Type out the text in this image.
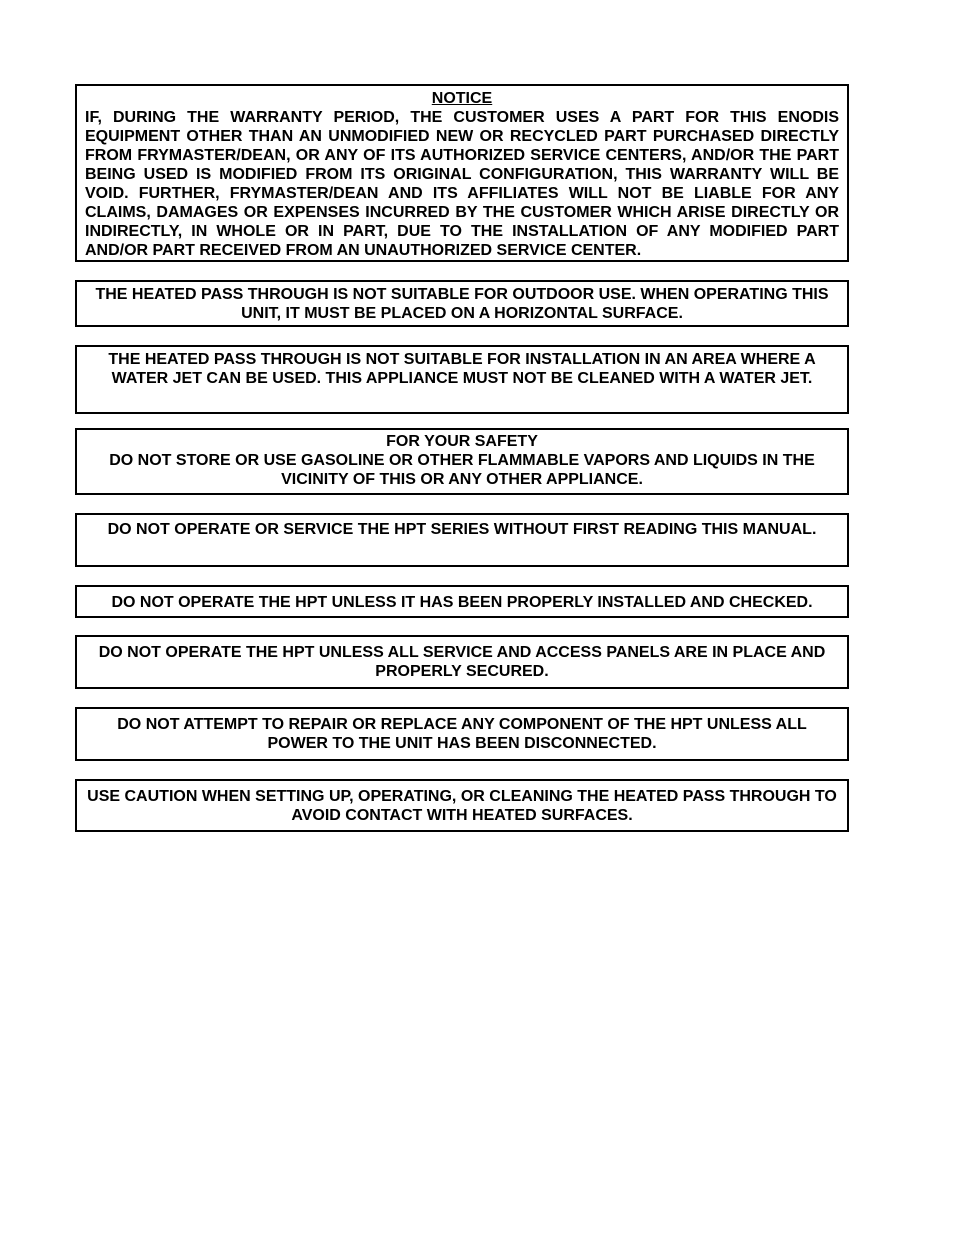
NOTICE
IF, DURING THE WARRANTY PERIOD, THE CUSTOMER USES A PART FOR THIS ENODIS EQUIPMENT OTHER THAN AN UNMODIFIED NEW OR RECYCLED PART PURCHASED DIRECTLY FROM FRYMASTER/DEAN, OR ANY OF ITS AUTHORIZED SERVICE CENTERS, AND/OR THE PART BEING USED IS MODIFIED FROM ITS ORIGINAL CONFIGURATION, THIS WARRANTY WILL BE VOID. FURTHER, FRYMASTER/DEAN AND ITS AFFILIATES WILL NOT BE LIABLE FOR ANY CLAIMS, DAMAGES OR EXPENSES INCURRED BY THE CUSTOMER WHICH ARISE DIRECTLY OR INDIRECTLY, IN WHOLE OR IN PART, DUE TO THE INSTALLATION OF ANY MODIFIED PART AND/OR PART RECEIVED FROM AN UNAUTHORIZED SERVICE CENTER.
THE HEATED PASS THROUGH IS NOT SUITABLE FOR OUTDOOR USE. WHEN OPERATING THIS UNIT, IT MUST BE PLACED ON A HORIZONTAL SURFACE.
THE HEATED PASS THROUGH IS NOT SUITABLE FOR INSTALLATION IN AN AREA WHERE A WATER JET CAN BE USED. THIS APPLIANCE MUST NOT BE CLEANED WITH A WATER JET.
FOR YOUR SAFETY
DO NOT STORE OR USE GASOLINE OR OTHER FLAMMABLE VAPORS AND LIQUIDS IN THE VICINITY OF THIS OR ANY OTHER APPLIANCE.
DO NOT OPERATE OR SERVICE THE HPT SERIES WITHOUT FIRST READING THIS MANUAL.
DO NOT OPERATE THE HPT UNLESS IT HAS BEEN PROPERLY INSTALLED AND CHECKED.
DO NOT OPERATE THE HPT UNLESS ALL SERVICE AND ACCESS PANELS ARE IN PLACE AND PROPERLY SECURED.
DO NOT ATTEMPT TO REPAIR OR REPLACE ANY COMPONENT OF THE HPT UNLESS ALL POWER TO THE UNIT HAS BEEN DISCONNECTED.
USE CAUTION WHEN SETTING UP, OPERATING, OR CLEANING THE HEATED PASS THROUGH TO AVOID CONTACT WITH HEATED SURFACES.
